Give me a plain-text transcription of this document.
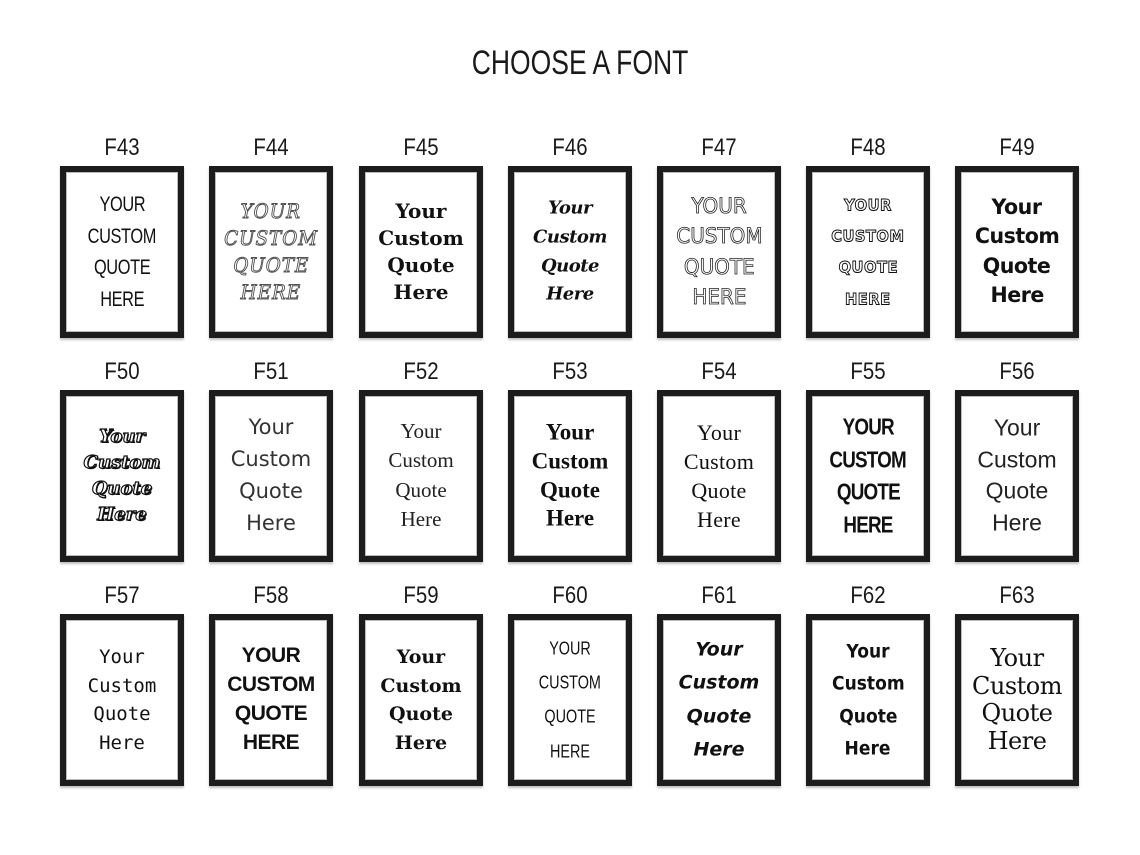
CHOOSE A FONT
F43
YOUR
CUSTOM
QUOTE
HERE
F44
YOUR
CUSTOM
QUOTE
HERE
F45
Your
Custom
Quote
Here
F46
Your
Custom
Quote
Here
F47
YOUR
CUSTOM
QUOTE
HERE
F48
YOUR
CUSTOM
QUOTE
HERE
F49
Your
Custom
Quote
Here
F50
Your
Custom
Quote
Here
F51
Your
Custom
Quote
Here
F52
Your
Custom
Quote
Here
F53
Your
Custom
Quote
Here
F54
Your
Custom
Quote
Here
F55
YOUR
CUSTOM
QUOTE
HERE
F56
Your
Custom
Quote
Here
F57
Your
Custom
Quote
Here
F58
YOUR
CUSTOM
QUOTE
HERE
F59
Your
Custom
Quote
Here
F60
YOUR
CUSTOM
QUOTE
HERE
F61
Your
Custom
Quote
Here
F62
Your
Custom
Quote
Here
F63
Your
Custom
Quote
Here
